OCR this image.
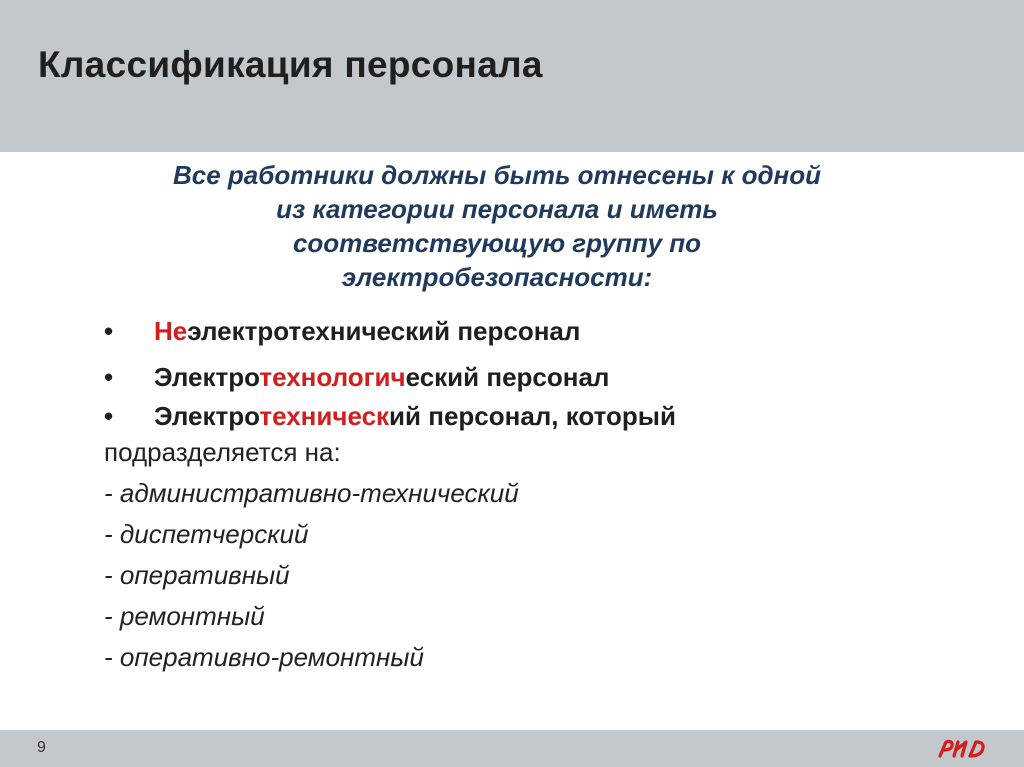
Классификация персонала
Все работники должны быть отнесены к одной
из категории персонала и иметь
соответствующую группу по
электробезопасности:
• Неэлектротехнический персонал
• Электротехнологический персонал
• Электротехнический персонал, который
подразделяется на:
- административно-технический
- диспетчерский
- оперативный
- ремонтный
- оперативно-ремонтный
9
